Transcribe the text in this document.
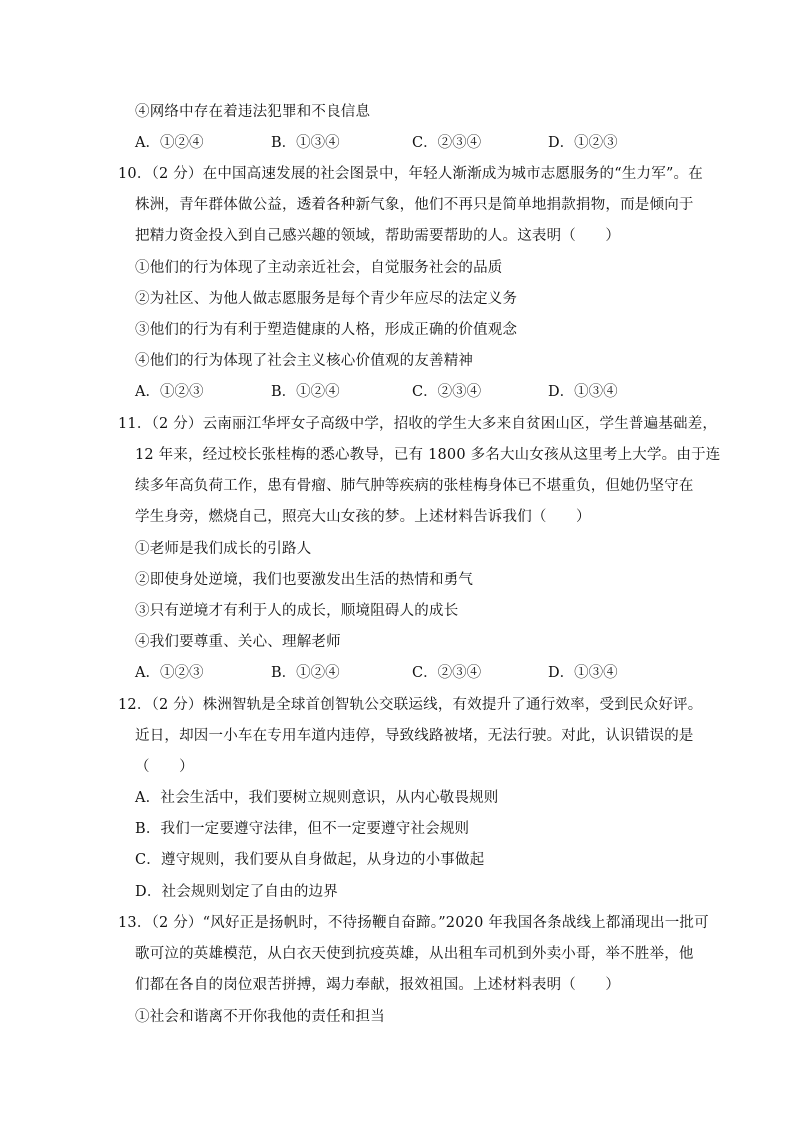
④网络中存在着违法犯罪和不良信息
A．①②④	B．①③④	C．②③④	D．①②③
10．（2 分）在中国高速发展的社会图景中，年轻人渐渐成为城市志愿服务的“生力军”。在
株洲，青年群体做公益，透着各种新气象，他们不再只是简单地捐款捐物，而是倾向于
把精力资金投入到自己感兴趣的领域，帮助需要帮助的人。这表明（　　）
①他们的行为体现了主动亲近社会，自觉服务社会的品质
②为社区、为他人做志愿服务是每个青少年应尽的法定义务
③他们的行为有利于塑造健康的人格，形成正确的价值观念
④他们的行为体现了社会主义核心价值观的友善精神
A．①②③	B．①②④	C．②③④	D．①③④
11．（2 分）云南丽江华坪女子高级中学，招收的学生大多来自贫困山区，学生普遍基础差，
12 年来，经过校长张桂梅的悉心教导，已有 1800 多名大山女孩从这里考上大学。由于连
续多年高负荷工作，患有骨瘤、肺气肿等疾病的张桂梅身体已不堪重负，但她仍坚守在
学生身旁，燃烧自己，照亮大山女孩的梦。上述材料告诉我们（　　）
①老师是我们成长的引路人
②即使身处逆境，我们也要激发出生活的热情和勇气
③只有逆境才有利于人的成长，顺境阻碍人的成长
④我们要尊重、关心、理解老师
A．①②③	B．①②④	C．②③④	D．①③④
12．（2 分）株洲智轨是全球首创智轨公交联运线，有效提升了通行效率，受到民众好评。
近日，却因一小车在专用车道内违停，导致线路被堵，无法行驶。对此，认识错误的是
（　　）
A．社会生活中，我们要树立规则意识，从内心敬畏规则
B．我们一定要遵守法律，但不一定要遵守社会规则
C．遵守规则，我们要从自身做起，从身边的小事做起
D．社会规则划定了自由的边界
13．（2 分）“风好正是扬帆时，不待扬鞭自奋蹄。”2020 年我国各条战线上都涌现出一批可
歌可泣的英雄模范，从白衣天使到抗疫英雄，从出租车司机到外卖小哥，举不胜举，他
们都在各自的岗位艰苦拼搏，竭力奉献，报效祖国。上述材料表明（　　）
①社会和谐离不开你我他的责任和担当
